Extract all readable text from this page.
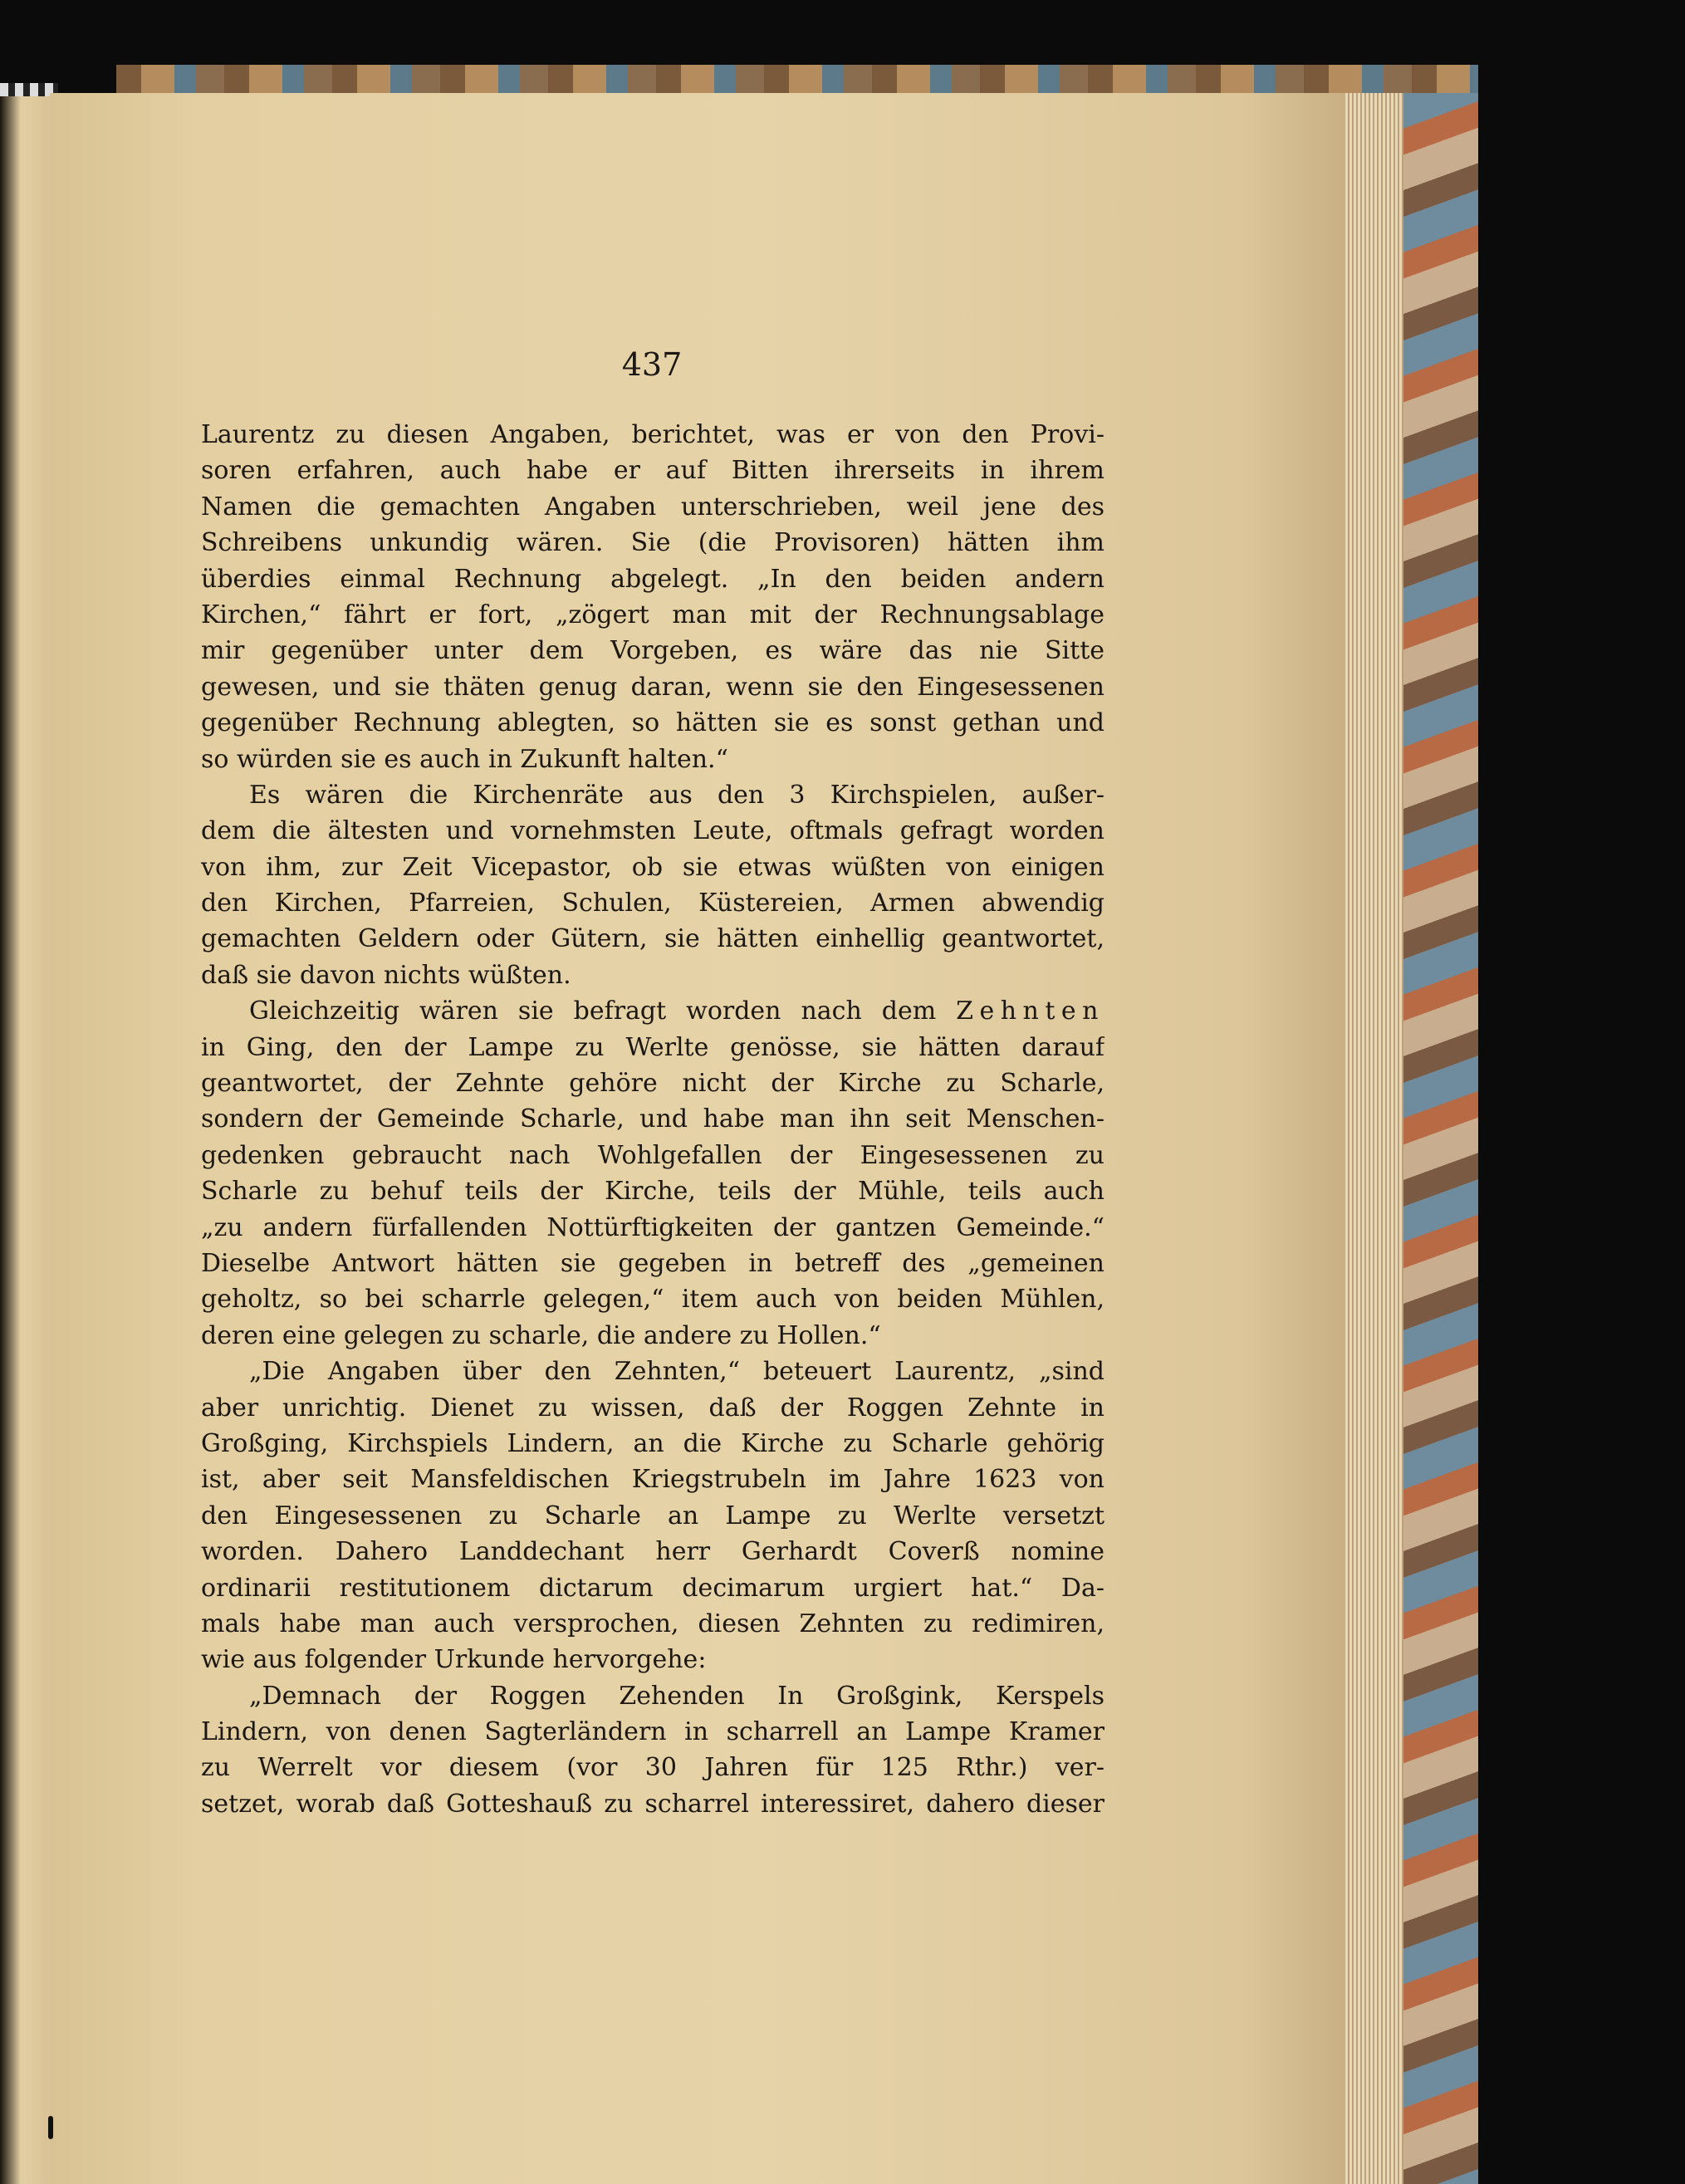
437
Laurentz zu diesen Angaben, berichtet, was er von den Provi-
soren erfahren, auch habe er auf Bitten ihrerseits in ihrem
Namen die gemachten Angaben unterschrieben, weil jene des
Schreibens unkundig wären. Sie (die Provisoren) hätten ihm
überdies einmal Rechnung abgelegt. „In den beiden andern
Kirchen,“ fährt er fort, „zögert man mit der Rechnungsablage
mir gegenüber unter dem Vorgeben, es wäre das nie Sitte
gewesen, und sie thäten genug daran, wenn sie den Eingesessenen
gegenüber Rechnung ablegten, so hätten sie es sonst gethan und
so würden sie es auch in Zukunft halten.“
Es wären die Kirchenräte aus den 3 Kirchspielen, außer-
dem die ältesten und vornehmsten Leute, oftmals gefragt worden
von ihm, zur Zeit Vicepastor, ob sie etwas wüßten von einigen
den Kirchen, Pfarreien, Schulen, Küstereien, Armen abwendig
gemachten Geldern oder Gütern, sie hätten einhellig geantwortet,
daß sie davon nichts wüßten.
Gleichzeitig wären sie befragt worden nach dem Zehnten
in Ging, den der Lampe zu Werlte genösse, sie hätten darauf
geantwortet, der Zehnte gehöre nicht der Kirche zu Scharle,
sondern der Gemeinde Scharle, und habe man ihn seit Menschen-
gedenken gebraucht nach Wohlgefallen der Eingesessenen zu
Scharle zu behuf teils der Kirche, teils der Mühle, teils auch
„zu andern fürfallenden Nottürftigkeiten der gantzen Gemeinde.“
Dieselbe Antwort hätten sie gegeben in betreff des „gemeinen
geholtz, so bei scharrle gelegen,“ item auch von beiden Mühlen,
deren eine gelegen zu scharle, die andere zu Hollen.“
„Die Angaben über den Zehnten,“ beteuert Laurentz, „sind
aber unrichtig. Dienet zu wissen, daß der Roggen Zehnte in
Großging, Kirchspiels Lindern, an die Kirche zu Scharle gehörig
ist, aber seit Mansfeldischen Kriegstrubeln im Jahre 1623 von
den Eingesessenen zu Scharle an Lampe zu Werlte versetzt
worden. Dahero Landdechant herr Gerhardt Coverß nomine
ordinarii restitutionem dictarum decimarum urgiert hat.“ Da-
mals habe man auch versprochen, diesen Zehnten zu redimiren,
wie aus folgender Urkunde hervorgehe:
„Demnach der Roggen Zehenden In Großgink, Kerspels
Lindern, von denen Sagterländern in scharrell an Lampe Kramer
zu Werrelt vor diesem (vor 30 Jahren für 125 Rthr.) ver-
setzet, worab daß Gotteshauß zu scharrel interessiret, dahero dieser
